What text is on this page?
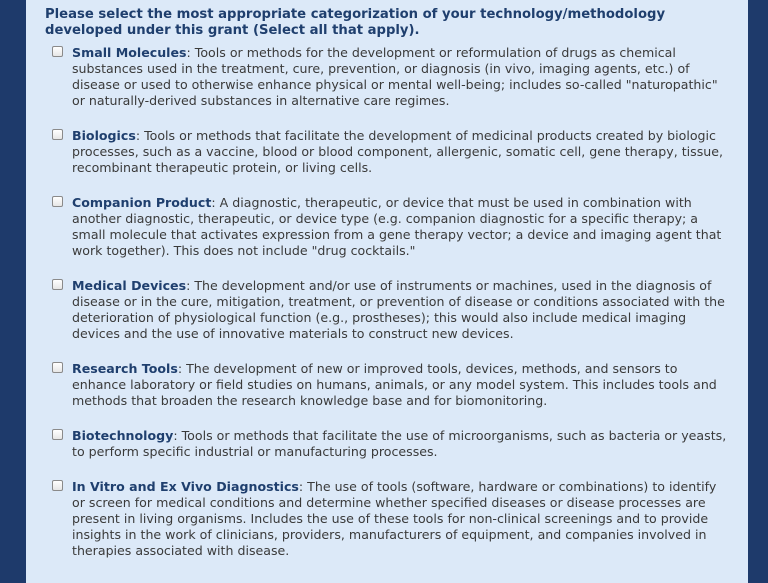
Please select the most appropriate categorization of your technology/methodology developed under this grant (Select all that apply).
Small Molecules: Tools or methods for the development or reformulation of drugs as chemical substances used in the treatment, cure, prevention, or diagnosis (in vivo, imaging agents, etc.) of disease or used to otherwise enhance physical or mental well-being; includes so-called "naturopathic" or naturally-derived substances in alternative care regimes.
Biologics: Tools or methods that facilitate the development of medicinal products created by biologic processes, such as a vaccine, blood or blood component, allergenic, somatic cell, gene therapy, tissue, recombinant therapeutic protein, or living cells.
Companion Product: A diagnostic, therapeutic, or device that must be used in combination with another diagnostic, therapeutic, or device type (e.g. companion diagnostic for a specific therapy; a small molecule that activates expression from a gene therapy vector; a device and imaging agent that work together). This does not include "drug cocktails."
Medical Devices: The development and/or use of instruments or machines, used in the diagnosis of disease or in the cure, mitigation, treatment, or prevention of disease or conditions associated with the deterioration of physiological function (e.g., prostheses); this would also include medical imaging devices and the use of innovative materials to construct new devices.
Research Tools: The development of new or improved tools, devices, methods, and sensors to enhance laboratory or field studies on humans, animals, or any model system. This includes tools and methods that broaden the research knowledge base and for biomonitoring.
Biotechnology: Tools or methods that facilitate the use of microorganisms, such as bacteria or yeasts, to perform specific industrial or manufacturing processes.
In Vitro and Ex Vivo Diagnostics: The use of tools (software, hardware or combinations) to identify or screen for medical conditions and determine whether specified diseases or disease processes are present in living organisms. Includes the use of these tools for non-clinical screenings and to provide insights in the work of clinicians, providers, manufacturers of equipment, and companies involved in therapies associated with disease.
